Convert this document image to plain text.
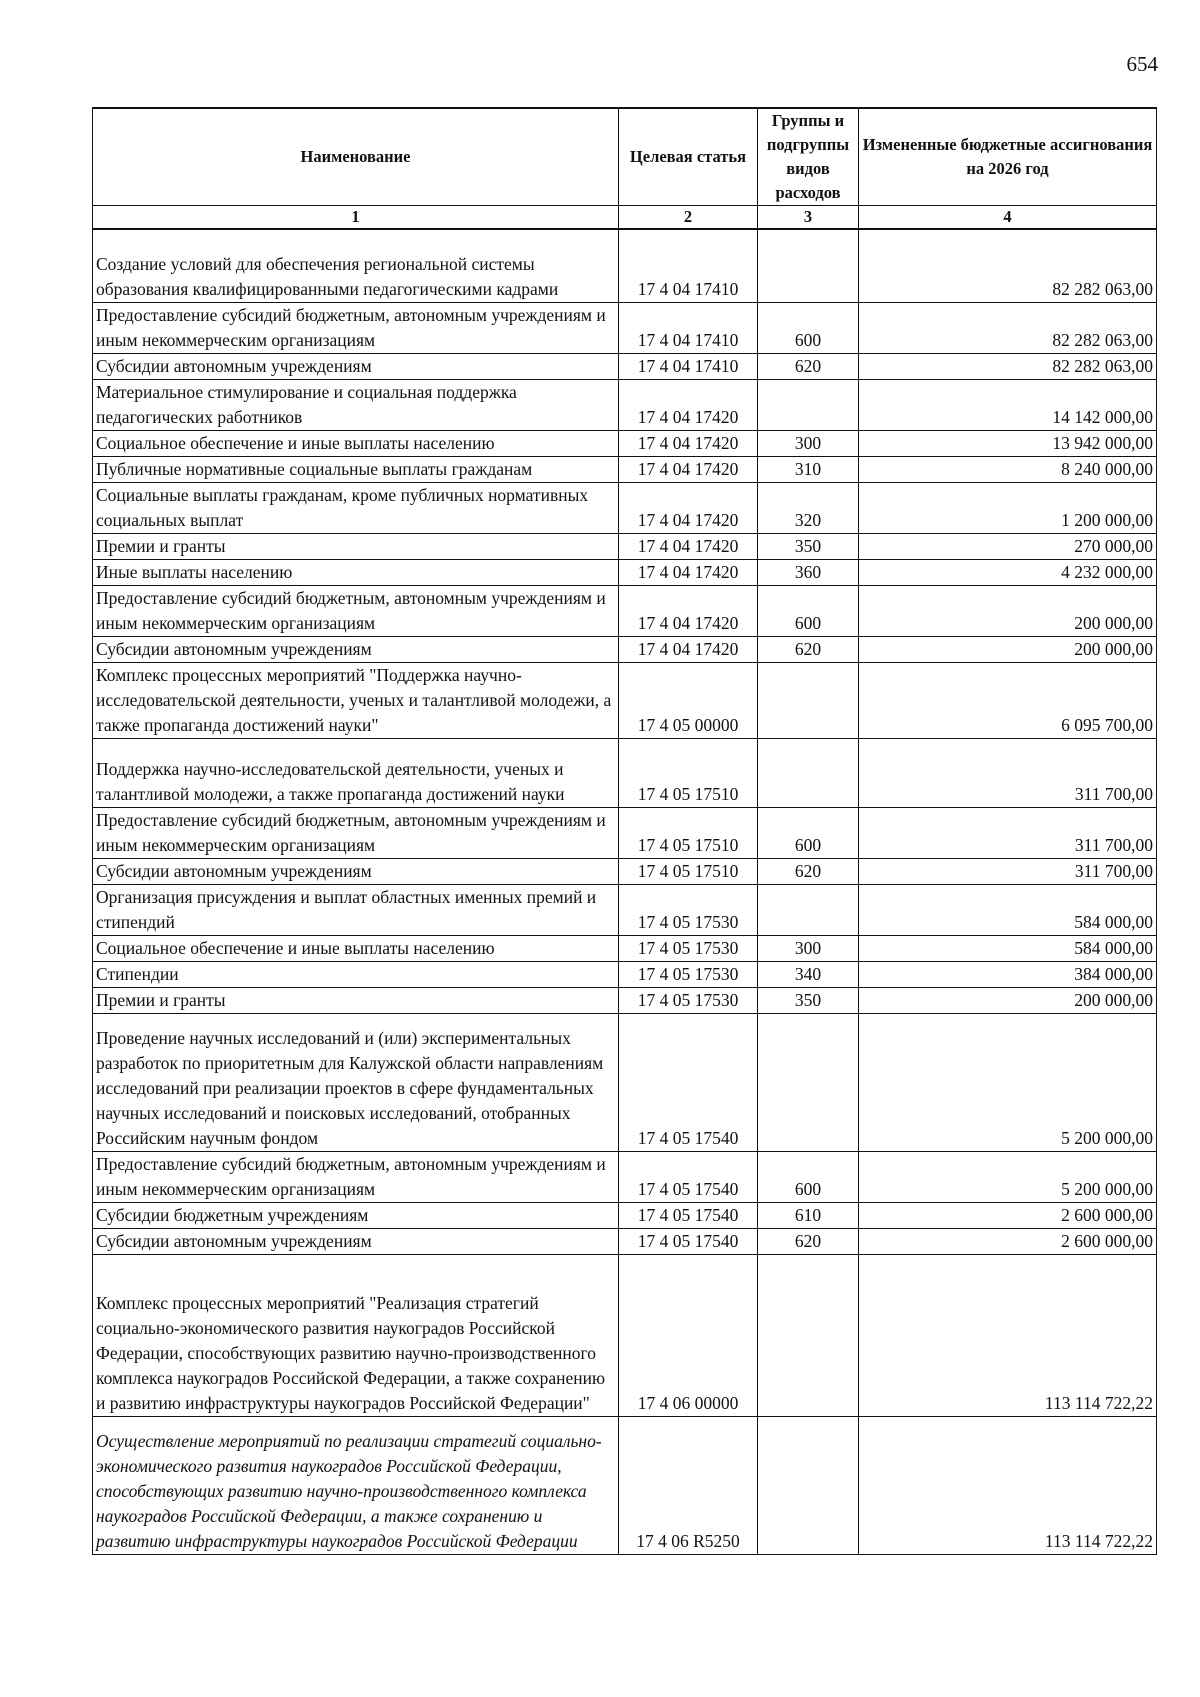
654
Наименование	Целевая статья	Группы и подгруппы видов расходов	Измененные бюджетные ассигнования на 2026 год
1	2	3	4
Создание условий для обеспечения региональной системы образования квалифицированными педагогическими кадрами	17 4 04 17410		82 282 063,00
Предоставление субсидий бюджетным, автономным учреждениям и иным некоммерческим организациям	17 4 04 17410	600	82 282 063,00
Субсидии автономным учреждениям	17 4 04 17410	620	82 282 063,00
Материальное стимулирование и социальная поддержка педагогических работников	17 4 04 17420		14 142 000,00
Социальное обеспечение и иные выплаты населению	17 4 04 17420	300	13 942 000,00
Публичные нормативные социальные выплаты гражданам	17 4 04 17420	310	8 240 000,00
Социальные выплаты гражданам, кроме публичных нормативных социальных выплат	17 4 04 17420	320	1 200 000,00
Премии и гранты	17 4 04 17420	350	270 000,00
Иные выплаты населению	17 4 04 17420	360	4 232 000,00
Предоставление субсидий бюджетным, автономным учреждениям и иным некоммерческим организациям	17 4 04 17420	600	200 000,00
Субсидии автономным учреждениям	17 4 04 17420	620	200 000,00
Комплекс процессных мероприятий "Поддержка научно-исследовательской деятельности, ученых и талантливой молодежи, а также пропаганда достижений науки"	17 4 05 00000		6 095 700,00
Поддержка научно-исследовательской деятельности, ученых и талантливой молодежи, а также пропаганда достижений науки	17 4 05 17510		311 700,00
Предоставление субсидий бюджетным, автономным учреждениям и иным некоммерческим организациям	17 4 05 17510	600	311 700,00
Субсидии автономным учреждениям	17 4 05 17510	620	311 700,00
Организация присуждения и выплат областных именных премий и стипендий	17 4 05 17530		584 000,00
Социальное обеспечение и иные выплаты населению	17 4 05 17530	300	584 000,00
Стипендии	17 4 05 17530	340	384 000,00
Премии и гранты	17 4 05 17530	350	200 000,00
Проведение научных исследований и (или) экспериментальных разработок по приоритетным для Калужской области направлениям исследований при реализации проектов в сфере фундаментальных научных исследований и поисковых исследований, отобранных Российским научным фондом	17 4 05 17540		5 200 000,00
Предоставление субсидий бюджетным, автономным учреждениям и иным некоммерческим организациям	17 4 05 17540	600	5 200 000,00
Субсидии бюджетным учреждениям	17 4 05 17540	610	2 600 000,00
Субсидии автономным учреждениям	17 4 05 17540	620	2 600 000,00
Комплекс процессных мероприятий "Реализация стратегий социально-экономического развития наукоградов Российской Федерации, способствующих развитию научно-производственного комплекса наукоградов Российской Федерации, а также сохранению и развитию инфраструктуры наукоградов Российской Федерации"	17 4 06 00000		113 114 722,22
Осуществление мероприятий по реализации стратегий социально-экономического развития наукоградов Российской Федерации, способствующих развитию научно-производственного комплекса наукоградов Российской Федерации, а также сохранению и развитию инфраструктуры наукоградов Российской Федерации	17 4 06 R5250		113 114 722,22
